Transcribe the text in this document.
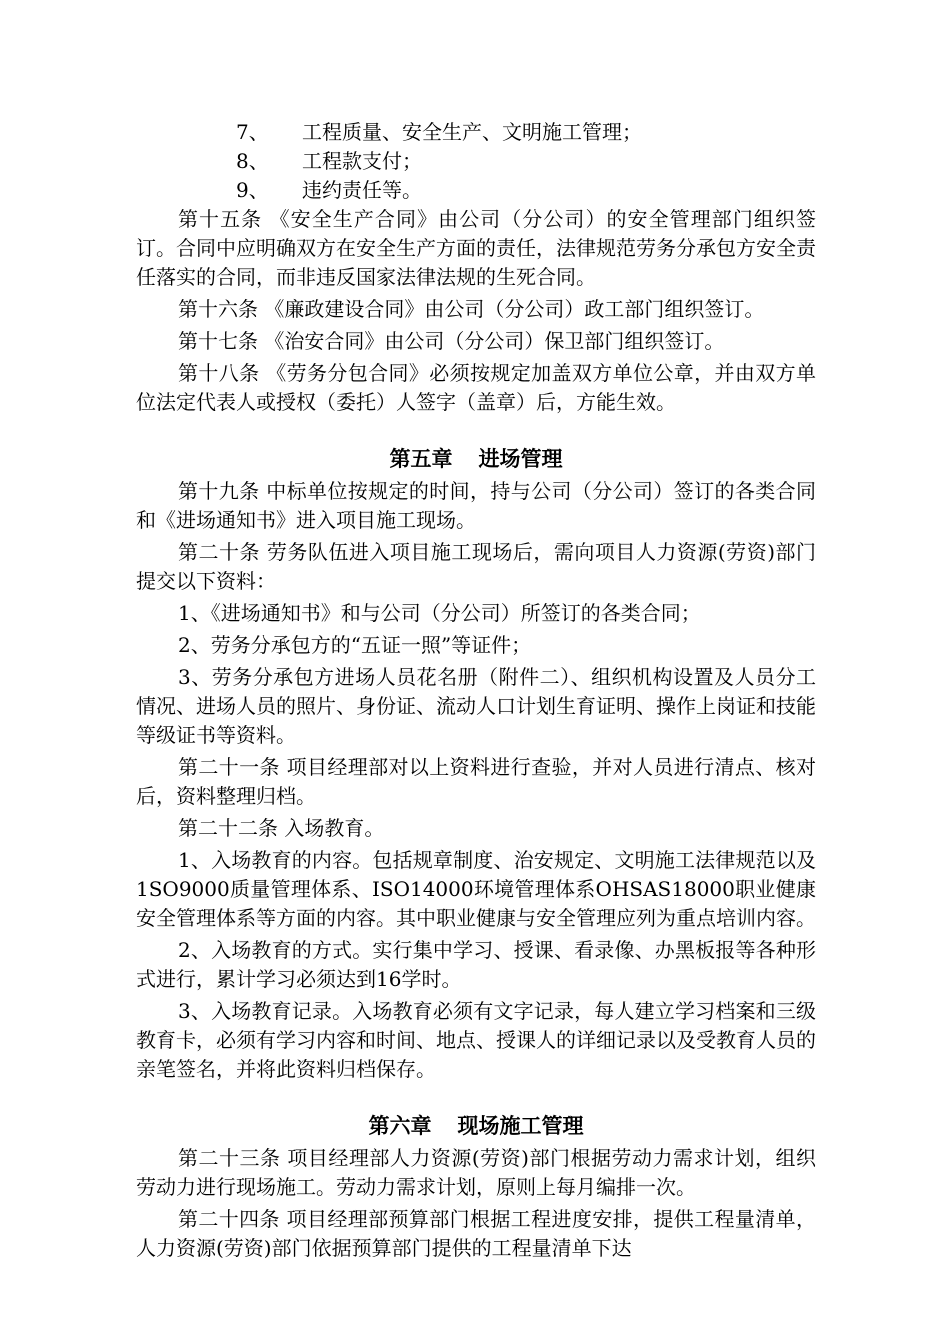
7、 工程质量、安全生产、文明施工管理；
8、 工程款支付；
9、 违约责任等。

第十五条 《安全生产合同》由公司（分公司）的安全管理部门组织签订。合同中应明确双方在安全生产方面的责任，法律规范劳务分承包方安全责任落实的合同，而非违反国家法律法规的生死合同。

第十六条 《廉政建设合同》由公司（分公司）政工部门组织签订。

第十七条 《治安合同》由公司（分公司）保卫部门组织签订。

第十八条 《劳务分包合同》必须按规定加盖双方单位公章，并由双方单位法定代表人或授权（委托）人签字（盖章）后，方能生效。

第五章 进场管理

第十九条 中标单位按规定的时间，持与公司（分公司）签订的各类合同和《进场通知书》进入项目施工现场。

第二十条 劳务队伍进入项目施工现场后，需向项目人力资源(劳资)部门提交以下资料：

1、《进场通知书》和与公司（分公司）所签订的各类合同；

2、劳务分承包方的“五证一照”等证件；

3、劳务分承包方进场人员花名册（附件二）、组织机构设置及人员分工情况、进场人员的照片、身份证、流动人口计划生育证明、操作上岗证和技能等级证书等资料。

第二十一条 项目经理部对以上资料进行查验，并对人员进行清点、核对后，资料整理归档。

第二十二条 入场教育。

1、入场教育的内容。包括规章制度、治安规定、文明施工法律规范以及1SO9000质量管理体系、ISO14000环境管理体系OHSAS18000职业健康安全管理体系等方面的内容。其中职业健康与安全管理应列为重点培训内容。

2、入场教育的方式。实行集中学习、授课、看录像、办黑板报等各种形式进行，累计学习必须达到16学时。

3、入场教育记录。入场教育必须有文字记录，每人建立学习档案和三级教育卡，必须有学习内容和时间、地点、授课人的详细记录以及受教育人员的亲笔签名，并将此资料归档保存。

第六章 现场施工管理

第二十三条 项目经理部人力资源(劳资)部门根据劳动力需求计划，组织劳动力进行现场施工。劳动力需求计划，原则上每月编排一次。

第二十四条 项目经理部预算部门根据工程进度安排，提供工程量清单，人力资源(劳资)部门依据预算部门提供的工程量清单下达
